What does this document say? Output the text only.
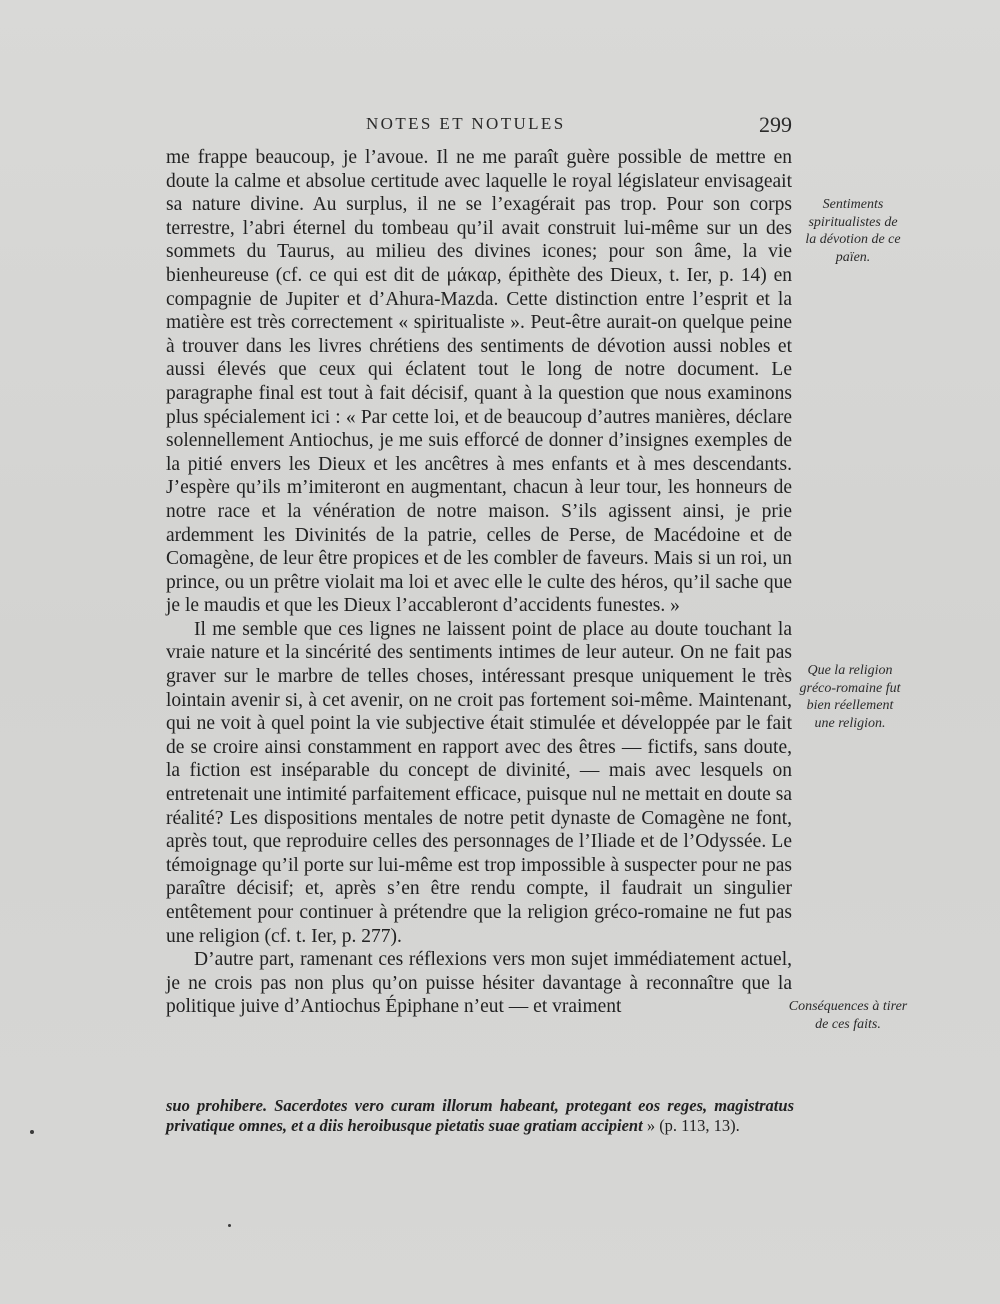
NOTES ET NOTULES	299

me frappe beaucoup, je l’avoue. Il ne me paraît guère possible de mettre en doute la calme et absolue certitude avec laquelle le royal législateur envisageait sa nature divine. Au surplus, il ne se l’exagérait pas trop. Pour son corps terrestre, l’abri éternel du tombeau qu’il avait construit lui-même sur un des sommets du Taurus, au milieu des divines icones; pour son âme, la vie bienheureuse (cf. ce qui est dit de μάκαρ, épithète des Dieux, t. Ier, p. 14) en compagnie de Jupiter et d’Ahura-Mazda. Cette distinction entre l’esprit et la matière est très correctement « spiritualiste ». Peut-être aurait-on quelque peine à trouver dans les livres chrétiens des sentiments de dévotion aussi nobles et aussi élevés que ceux qui éclatent tout le long de notre document. Le paragraphe final est tout à fait décisif, quant à la question que nous examinons plus spécialement ici : « Par cette loi, et de beaucoup d’autres manières, déclare solennellement Antiochus, je me suis efforcé de donner d’insignes exemples de la pitié envers les Dieux et les ancêtres à mes enfants et à mes descendants. J’espère qu’ils m’imiteront en augmentant, chacun à leur tour, les honneurs de notre race et la vénération de notre maison. S’ils agissent ainsi, je prie ardemment les Divinités de la patrie, celles de Perse, de Macédoine et de Comagène, de leur être propices et de les combler de faveurs. Mais si un roi, un prince, ou un prêtre violait ma loi et avec elle le culte des héros, qu’il sache que je le maudis et que les Dieux l’accableront d’accidents funestes. »

Il me semble que ces lignes ne laissent point de place au doute touchant la vraie nature et la sincérité des sentiments intimes de leur auteur. On ne fait pas graver sur le marbre de telles choses, intéressant presque uniquement le très lointain avenir si, à cet avenir, on ne croit pas fortement soi-même. Maintenant, qui ne voit à quel point la vie subjective était stimulée et développée par le fait de se croire ainsi constamment en rapport avec des êtres — fictifs, sans doute, la fiction est inséparable du concept de divinité, — mais avec lesquels on entretenait une intimité parfaitement efficace, puisque nul ne mettait en doute sa réalité? Les dispositions mentales de notre petit dynaste de Comagène ne font, après tout, que reproduire celles des personnages de l’Iliade et de l’Odyssée. Le témoignage qu’il porte sur lui-même est trop impossible à suspecter pour ne pas paraître décisif; et, après s’en être rendu compte, il faudrait un singulier entêtement pour continuer à prétendre que la religion gréco-romaine ne fut pas une religion (cf. t. Ier, p. 277).

D’autre part, ramenant ces réflexions vers mon sujet immédiatement actuel, je ne crois pas non plus qu’on puisse hésiter davantage à reconnaître que la politique juive d’Antiochus Épiphane n’eut — et vraiment

Sentiments spiritualistes de la dévotion de ce païen.
Que la religion gréco-romaine fut bien réellement une religion.
Conséquences à tirer de ces faits.
suo prohibere. Sacerdotes vero curam illorum habeant, protegant eos reges, magistratus privatique omnes, et a diis heroibusque pietatis suae gratiam accipient » (p. 113, 13).
